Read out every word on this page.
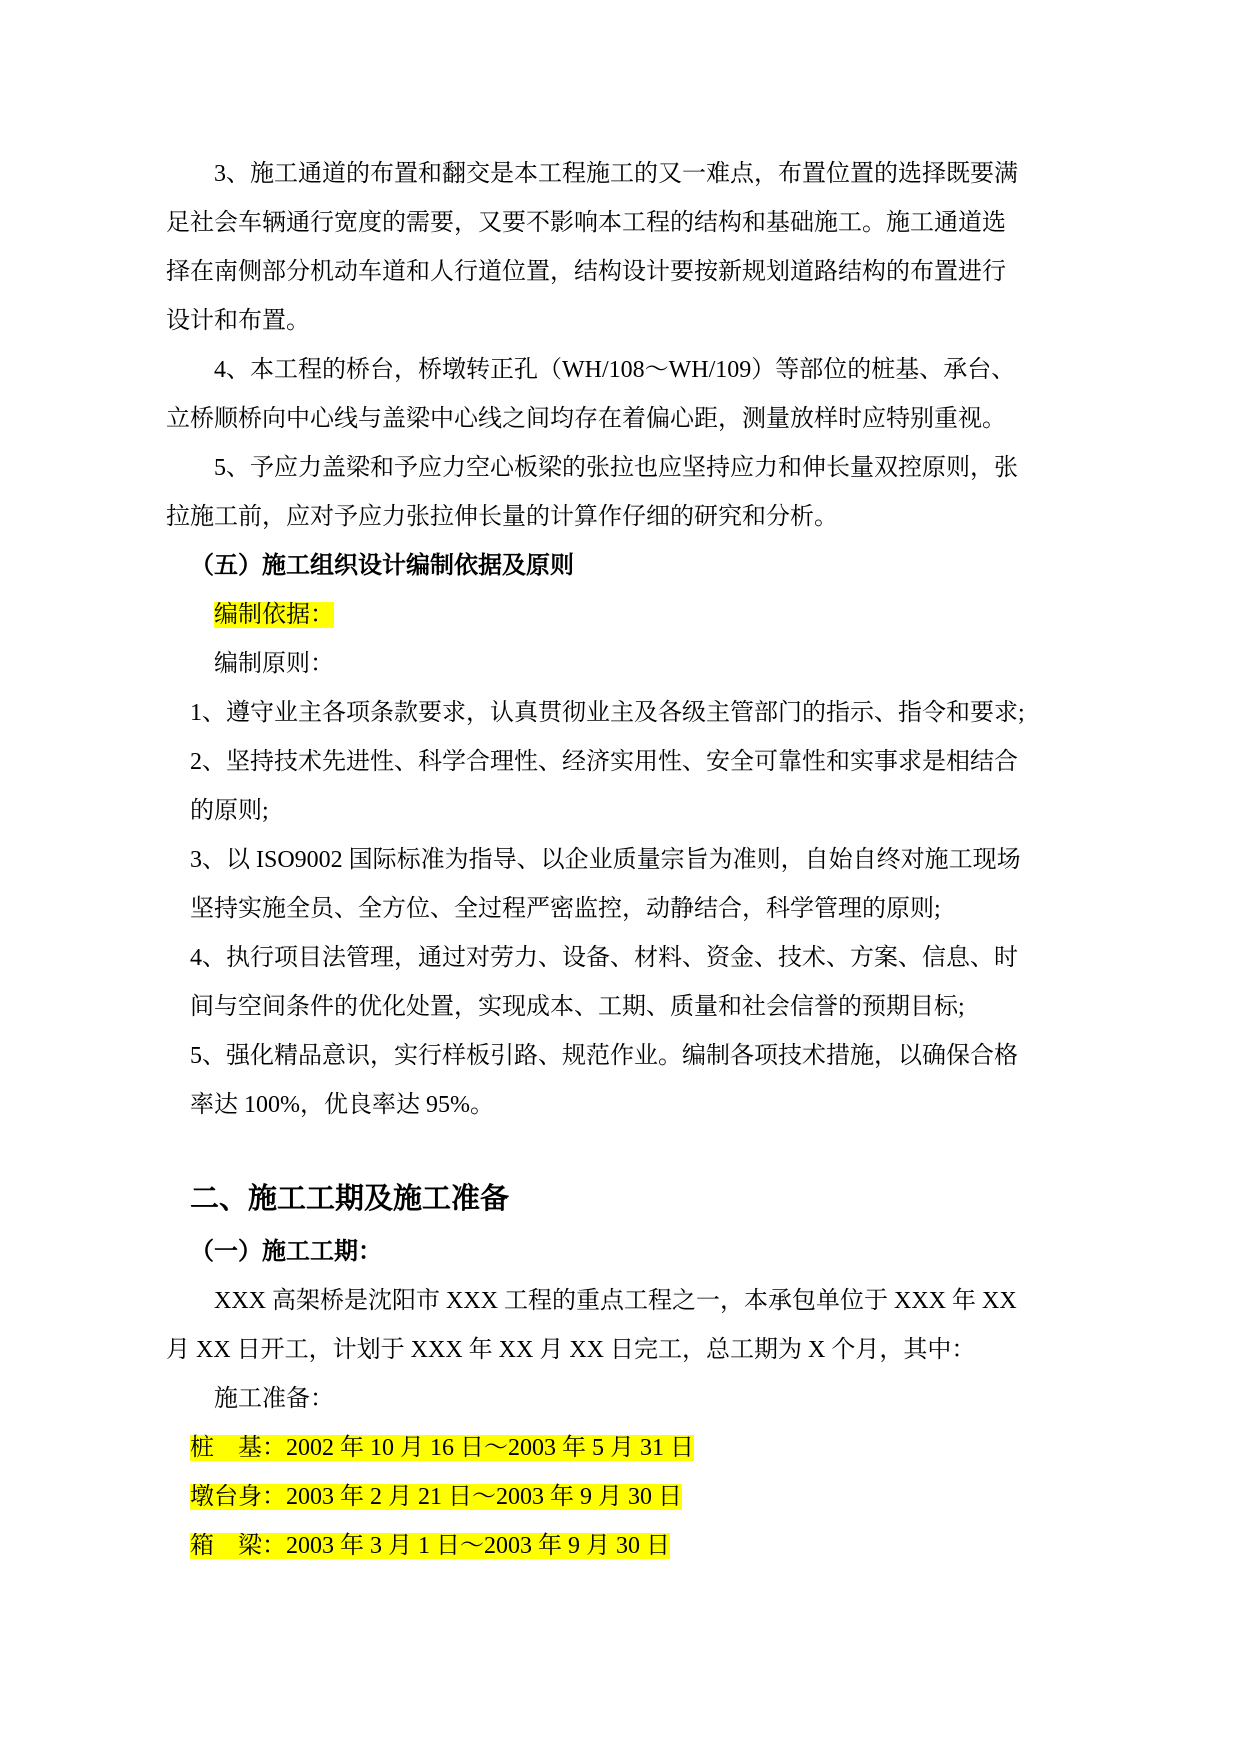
3、施工通道的布置和翻交是本工程施工的又一难点，布置位置的选择既要满
足社会车辆通行宽度的需要，又要不影响本工程的结构和基础施工。施工通道选
择在南侧部分机动车道和人行道位置，结构设计要按新规划道路结构的布置进行
设计和布置。

4、本工程的桥台，桥墩转正孔（WH/108～WH/109）等部位的桩基、承台、
立桥顺桥向中心线与盖梁中心线之间均存在着偏心距，测量放样时应特别重视。

5、予应力盖梁和予应力空心板梁的张拉也应坚持应力和伸长量双控原则，张
拉施工前，应对予应力张拉伸长量的计算作仔细的研究和分析。

（五）施工组织设计编制依据及原则

编制依据：

编制原则：

1、遵守业主各项条款要求，认真贯彻业主及各级主管部门的指示、指令和要求;

2、坚持技术先进性、科学合理性、经济实用性、安全可靠性和实事求是相结合
的原则;

3、以 ISO9002 国际标准为指导、以企业质量宗旨为准则，自始自终对施工现场
坚持实施全员、全方位、全过程严密监控，动静结合，科学管理的原则;

4、执行项目法管理，通过对劳力、设备、材料、资金、技术、方案、信息、时
间与空间条件的优化处置，实现成本、工期、质量和社会信誉的预期目标;

5、强化精品意识，实行样板引路、规范作业。编制各项技术措施，以确保合格
率达 100%，优良率达 95%。

二、施工工期及施工准备

（一）施工工期：

XXX 高架桥是沈阳市 XXX 工程的重点工程之一，本承包单位于 XXX 年 XX
月 XX 日开工，计划于 XXX 年 XX 月 XX 日完工，总工期为 X 个月，其中：

施工准备：

桩　基：2002 年 10 月 16 日～2003 年 5 月 31 日

墩台身：2003 年 2 月 21 日～2003 年 9 月 30 日

箱　梁：2003 年 3 月 1 日～2003 年 9 月 30 日
